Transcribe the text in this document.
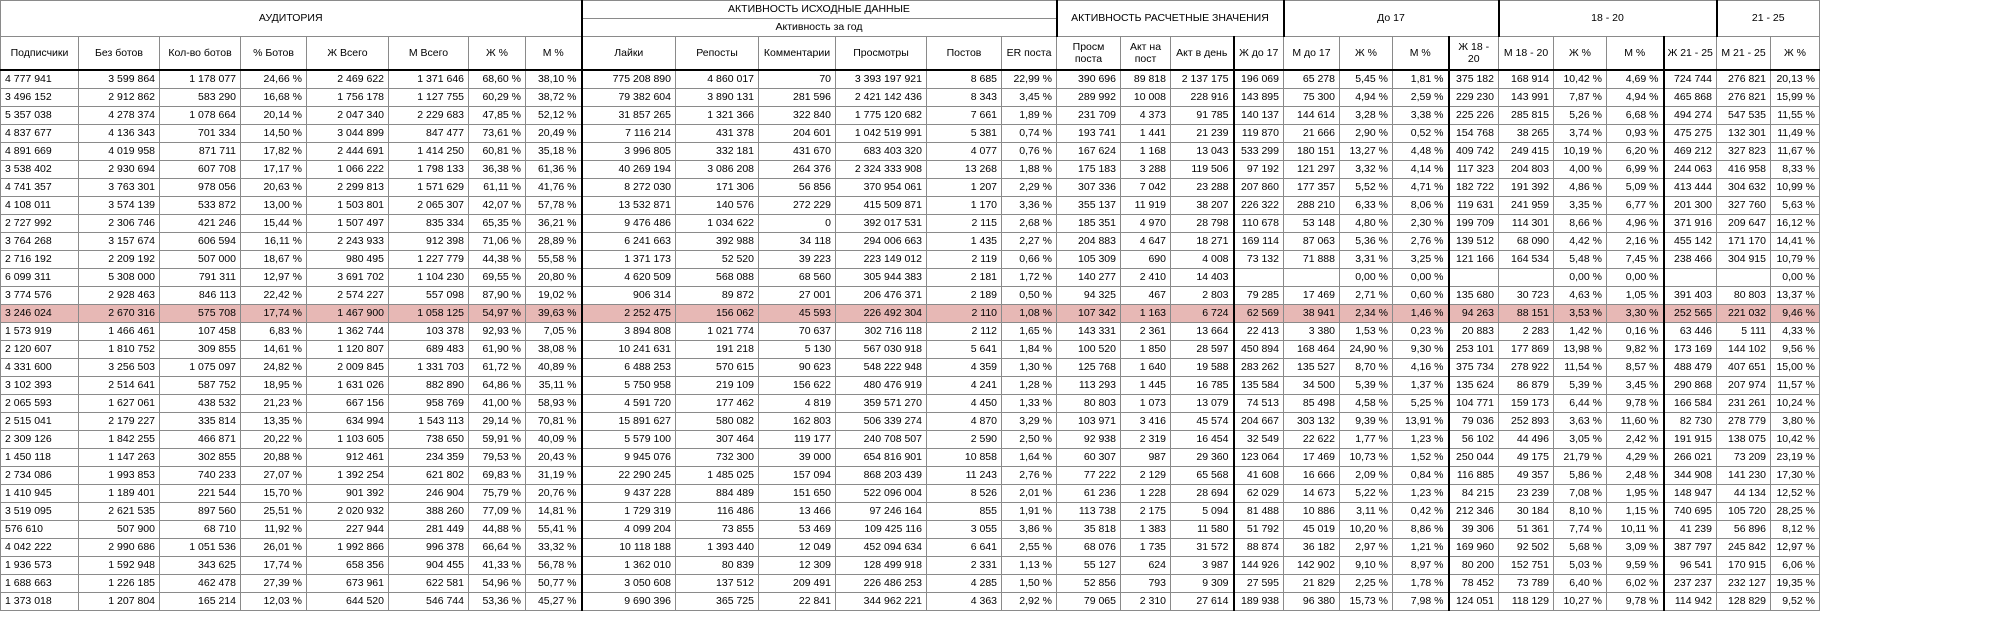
АУДИТОРИЯ								АКТИВНОСТЬ ИСХОДНЫЕ ДАННЫЕ						АКТИВНОСТЬ РАСЧЕТНЫЕ ЗНАЧЕНИЯ				До 17				18 - 20				21 - 25	
								Активность за год																			
Подписчики	Без ботов	Кол-во ботов	% Ботов	Ж Всего	М Всего	Ж %	М %	Лайки	Репосты	Комментарии	Просмотры	Постов	ER поста	Просм поста	Акт на пост	Акт в день	Ж до 17	М до 17	Ж %	М %	Ж 18 - 20	М 18 - 20	Ж %	М %	Ж 21 - 25	М 21 - 25	Ж %
4 777 941	3 599 864	1 178 077	24,66 %	2 469 622	1 371 646	68,60 %	38,10 %	775 208 890	4 860 017	70	3 393 197 921	8 685	22,99 %	390 696	89 818	2 137 175	196 069	65 278	5,45 %	1,81 %	375 182	168 914	10,42 %	4,69 %	724 744	276 821	20,13 %
3 496 152	2 912 862	583 290	16,68 %	1 756 178	1 127 755	60,29 %	38,72 %	79 382 604	3 890 131	281 596	2 421 142 436	8 343	3,45 %	289 992	10 008	228 916	143 895	75 300	4,94 %	2,59 %	229 230	143 991	7,87 %	4,94 %	465 868	276 821	15,99 %
5 357 038	4 278 374	1 078 664	20,14 %	2 047 340	2 229 683	47,85 %	52,12 %	31 857 265	1 321 366	322 840	1 775 120 682	7 661	1,89 %	231 709	4 373	91 785	140 137	144 614	3,28 %	3,38 %	225 226	285 815	5,26 %	6,68 %	494 274	547 535	11,55 %
4 837 677	4 136 343	701 334	14,50 %	3 044 899	847 477	73,61 %	20,49 %	7 116 214	431 378	204 601	1 042 519 991	5 381	0,74 %	193 741	1 441	21 239	119 870	21 666	2,90 %	0,52 %	154 768	38 265	3,74 %	0,93 %	475 275	132 301	11,49 %
4 891 669	4 019 958	871 711	17,82 %	2 444 691	1 414 250	60,81 %	35,18 %	3 996 805	332 181	431 670	683 403 320	4 077	0,76 %	167 624	1 168	13 043	533 299	180 151	13,27 %	4,48 %	409 742	249 415	10,19 %	6,20 %	469 212	327 823	11,67 %
3 538 402	2 930 694	607 708	17,17 %	1 066 222	1 798 133	36,38 %	61,36 %	40 269 194	3 086 208	264 376	2 324 333 908	13 268	1,88 %	175 183	3 288	119 506	97 192	121 297	3,32 %	4,14 %	117 323	204 803	4,00 %	6,99 %	244 063	416 958	8,33 %
4 741 357	3 763 301	978 056	20,63 %	2 299 813	1 571 629	61,11 %	41,76 %	8 272 030	171 306	56 856	370 954 061	1 207	2,29 %	307 336	7 042	23 288	207 860	177 357	5,52 %	4,71 %	182 722	191 392	4,86 %	5,09 %	413 444	304 632	10,99 %
4 108 011	3 574 139	533 872	13,00 %	1 503 801	2 065 307	42,07 %	57,78 %	13 532 871	140 576	272 229	415 509 871	1 170	3,36 %	355 137	11 919	38 207	226 322	288 210	6,33 %	8,06 %	119 631	241 959	3,35 %	6,77 %	201 300	327 760	5,63 %
2 727 992	2 306 746	421 246	15,44 %	1 507 497	835 334	65,35 %	36,21 %	9 476 486	1 034 622	0	392 017 531	2 115	2,68 %	185 351	4 970	28 798	110 678	53 148	4,80 %	2,30 %	199 709	114 301	8,66 %	4,96 %	371 916	209 647	16,12 %
3 764 268	3 157 674	606 594	16,11 %	2 243 933	912 398	71,06 %	28,89 %	6 241 663	392 988	34 118	294 006 663	1 435	2,27 %	204 883	4 647	18 271	169 114	87 063	5,36 %	2,76 %	139 512	68 090	4,42 %	2,16 %	455 142	171 170	14,41 %
2 716 192	2 209 192	507 000	18,67 %	980 495	1 227 779	44,38 %	55,58 %	1 371 173	52 520	39 223	223 149 012	2 119	0,66 %	105 309	690	4 008	73 132	71 888	3,31 %	3,25 %	121 166	164 534	5,48 %	7,45 %	238 466	304 915	10,79 %
6 099 311	5 308 000	791 311	12,97 %	3 691 702	1 104 230	69,55 %	20,80 %	4 620 509	568 088	68 560	305 944 383	2 181	1,72 %	140 277	2 410	14 403			0,00 %	0,00 %			0,00 %	0,00 %			0,00 %
3 774 576	2 928 463	846 113	22,42 %	2 574 227	557 098	87,90 %	19,02 %	906 314	89 872	27 001	206 476 371	2 189	0,50 %	94 325	467	2 803	79 285	17 469	2,71 %	0,60 %	135 680	30 723	4,63 %	1,05 %	391 403	80 803	13,37 %
3 246 024	2 670 316	575 708	17,74 %	1 467 900	1 058 125	54,97 %	39,63 %	2 252 475	156 062	45 593	226 492 304	2 110	1,08 %	107 342	1 163	6 724	62 569	38 941	2,34 %	1,46 %	94 263	88 151	3,53 %	3,30 %	252 565	221 032	9,46 %
1 573 919	1 466 461	107 458	6,83 %	1 362 744	103 378	92,93 %	7,05 %	3 894 808	1 021 774	70 637	302 716 118	2 112	1,65 %	143 331	2 361	13 664	22 413	3 380	1,53 %	0,23 %	20 883	2 283	1,42 %	0,16 %	63 446	5 111	4,33 %
2 120 607	1 810 752	309 855	14,61 %	1 120 807	689 483	61,90 %	38,08 %	10 241 631	191 218	5 130	567 030 918	5 641	1,84 %	100 520	1 850	28 597	450 894	168 464	24,90 %	9,30 %	253 101	177 869	13,98 %	9,82 %	173 169	144 102	9,56 %
4 331 600	3 256 503	1 075 097	24,82 %	2 009 845	1 331 703	61,72 %	40,89 %	6 488 253	570 615	90 623	548 222 948	4 359	1,30 %	125 768	1 640	19 588	283 262	135 527	8,70 %	4,16 %	375 734	278 922	11,54 %	8,57 %	488 479	407 651	15,00 %
3 102 393	2 514 641	587 752	18,95 %	1 631 026	882 890	64,86 %	35,11 %	5 750 958	219 109	156 622	480 476 919	4 241	1,28 %	113 293	1 445	16 785	135 584	34 500	5,39 %	1,37 %	135 624	86 879	5,39 %	3,45 %	290 868	207 974	11,57 %
2 065 593	1 627 061	438 532	21,23 %	667 156	958 769	41,00 %	58,93 %	4 591 720	177 462	4 819	359 571 270	4 450	1,33 %	80 803	1 073	13 079	74 513	85 498	4,58 %	5,25 %	104 771	159 173	6,44 %	9,78 %	166 584	231 261	10,24 %
2 515 041	2 179 227	335 814	13,35 %	634 994	1 543 113	29,14 %	70,81 %	15 891 627	580 082	162 803	506 339 274	4 870	3,29 %	103 971	3 416	45 574	204 667	303 132	9,39 %	13,91 %	79 036	252 893	3,63 %	11,60 %	82 730	278 779	3,80 %
2 309 126	1 842 255	466 871	20,22 %	1 103 605	738 650	59,91 %	40,09 %	5 579 100	307 464	119 177	240 708 507	2 590	2,50 %	92 938	2 319	16 454	32 549	22 622	1,77 %	1,23 %	56 102	44 496	3,05 %	2,42 %	191 915	138 075	10,42 %
1 450 118	1 147 263	302 855	20,88 %	912 461	234 359	79,53 %	20,43 %	9 945 076	732 300	39 000	654 816 901	10 858	1,64 %	60 307	987	29 360	123 064	17 469	10,73 %	1,52 %	250 044	49 175	21,79 %	4,29 %	266 021	73 209	23,19 %
2 734 086	1 993 853	740 233	27,07 %	1 392 254	621 802	69,83 %	31,19 %	22 290 245	1 485 025	157 094	868 203 439	11 243	2,76 %	77 222	2 129	65 568	41 608	16 666	2,09 %	0,84 %	116 885	49 357	5,86 %	2,48 %	344 908	141 230	17,30 %
1 410 945	1 189 401	221 544	15,70 %	901 392	246 904	75,79 %	20,76 %	9 437 228	884 489	151 650	522 096 004	8 526	2,01 %	61 236	1 228	28 694	62 029	14 673	5,22 %	1,23 %	84 215	23 239	7,08 %	1,95 %	148 947	44 134	12,52 %
3 519 095	2 621 535	897 560	25,51 %	2 020 932	388 260	77,09 %	14,81 %	1 729 319	116 486	13 466	97 246 164	855	1,91 %	113 738	2 175	5 094	81 488	10 886	3,11 %	0,42 %	212 346	30 184	8,10 %	1,15 %	740 695	105 720	28,25 %
576 610	507 900	68 710	11,92 %	227 944	281 449	44,88 %	55,41 %	4 099 204	73 855	53 469	109 425 116	3 055	3,86 %	35 818	1 383	11 580	51 792	45 019	10,20 %	8,86 %	39 306	51 361	7,74 %	10,11 %	41 239	56 896	8,12 %
4 042 222	2 990 686	1 051 536	26,01 %	1 992 866	996 378	66,64 %	33,32 %	10 118 188	1 393 440	12 049	452 094 634	6 641	2,55 %	68 076	1 735	31 572	88 874	36 182	2,97 %	1,21 %	169 960	92 502	5,68 %	3,09 %	387 797	245 842	12,97 %
1 936 573	1 592 948	343 625	17,74 %	658 356	904 455	41,33 %	56,78 %	1 362 010	80 839	12 309	128 499 918	2 331	1,13 %	55 127	624	3 987	144 926	142 902	9,10 %	8,97 %	80 200	152 751	5,03 %	9,59 %	96 541	170 915	6,06 %
1 688 663	1 226 185	462 478	27,39 %	673 961	622 581	54,96 %	50,77 %	3 050 608	137 512	209 491	226 486 253	4 285	1,50 %	52 856	793	9 309	27 595	21 829	2,25 %	1,78 %	78 452	73 789	6,40 %	6,02 %	237 237	232 127	19,35 %
1 373 018	1 207 804	165 214	12,03 %	644 520	546 744	53,36 %	45,27 %	9 690 396	365 725	22 841	344 962 221	4 363	2,92 %	79 065	2 310	27 614	189 938	96 380	15,73 %	7,98 %	124 051	118 129	10,27 %	9,78 %	114 942	128 829	9,52 %
